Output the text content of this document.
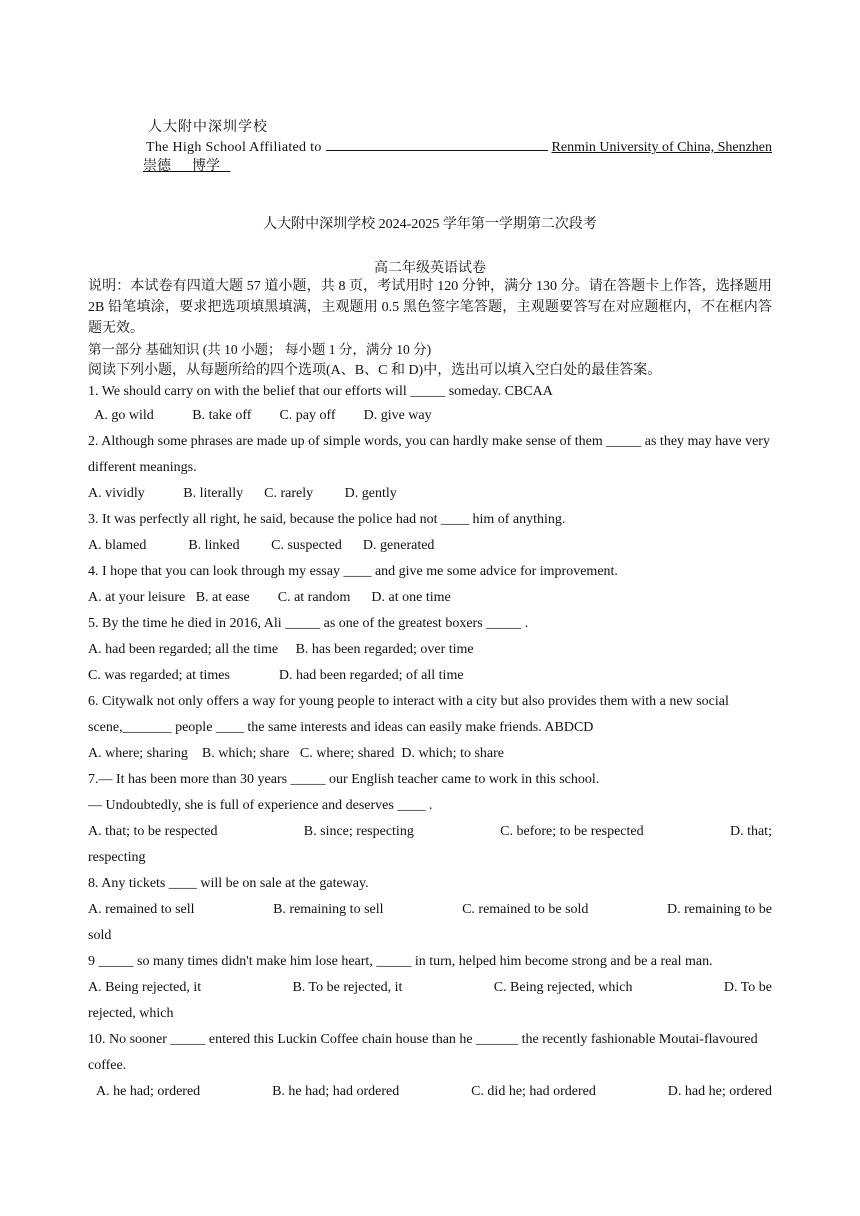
人大附中深圳学校
The High School Affiliated to	Renmin University of China, Shenzhen
崇德      博学
人大附中深圳学校 2024-2025 学年第一学期第二次段考
高二年级英语试卷

说明：本试卷有四道大题 57 道小题，共 8 页，考试用时 120 分钟，满分 130 分。请在答题卡上作答，选择题用 2B 铅笔填涂，要求把选项填黑填满，主观题用 0.5 黑色签字笔答题，主观题要答写在对应题框内，不在框内答题无效。

第一部分 基础知识 (共 10 小题； 每小题 1 分，满分 10 分)

阅读下列小题，从每题所给的四个选项(A、B、C 和 D)中，选出可以填入空白处的最佳答案。

1. We should carry on with the belief that our efforts will _____ someday. CBCAA

A. go wild           B. take off        C. pay off        D. give way

2. Although some phrases are made up of simple words, you can hardly make sense of them _____ as they may have very different meanings.

A. vividly           B. literally      C. rarely         D. gently

3. It was perfectly all right, he said, because the police had not ____ him of anything.

A. blamed            B. linked         C. suspected      D. generated

4. I hope that you can look through my essay ____ and give me some advice for improvement.

A. at your leisure   B. at ease        C. at random      D. at one time

5. By the time he died in 2016, Ali _____ as one of the greatest boxers _____ .

A. had been regarded; all the time     B. has been regarded; over time

C. was regarded; at times              D. had been regarded; of all time

6. Citywalk not only offers a way for young people to interact with a city but also provides them with a new social scene,_______ people ____ the same interests and ideas can easily make friends. ABDCD

A. where; sharing    B. which; share   C. where; shared  D. which; to share

7.— It has been more than 30 years _____ our English teacher came to work in this school.

— Undoubtedly, she is full of experience and deserves ____ .

A. that; to be respected	B. since; respecting	C. before; to be respected	D. that;

respecting

8. Any tickets ____ will be on sale at the gateway.

A. remained to sell	B. remaining to sell	C. remained to be sold	D. remaining to be

sold

9 _____ so many times didn't make him lose heart, _____ in turn, helped him become strong and be a real man.

A. Being rejected, it	B. To be rejected, it	C. Being rejected, which	D. To be

rejected, which

10. No sooner _____ entered this Luckin Coffee chain house than he ______ the recently fashionable Moutai-flavoured coffee.

A. he had; ordered	B. he had; had ordered	C. did he; had ordered	D. had he; ordered
